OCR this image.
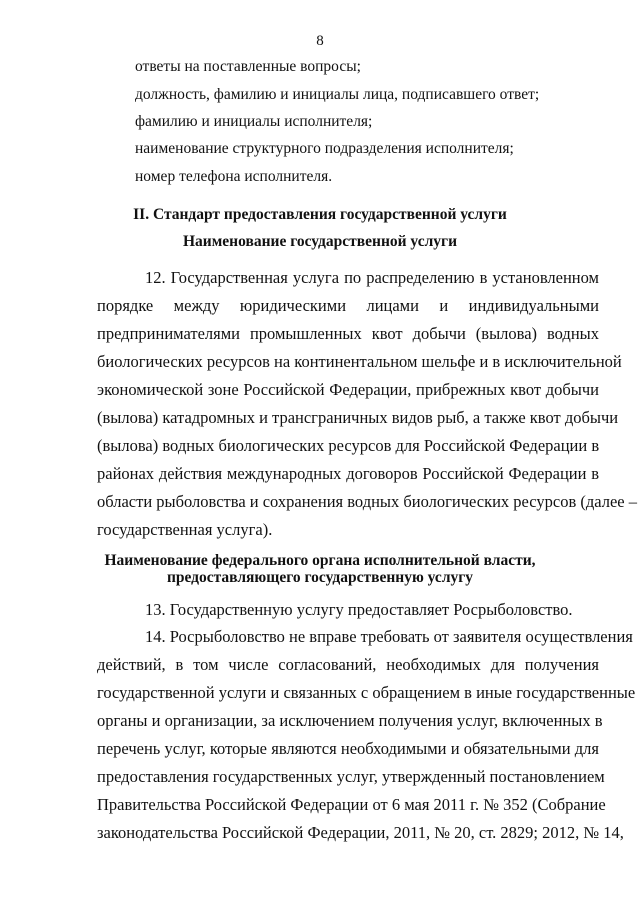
8
ответы на поставленные вопросы;
должность, фамилию и инициалы лица, подписавшего ответ;
фамилию и инициалы исполнителя;
наименование структурного подразделения исполнителя;
номер телефона исполнителя.
II. Стандарт предоставления государственной услуги
Наименование государственной услуги
12. Государственная услуга по распределению в установленном
порядке между юридическими лицами и индивидуальными
предпринимателями промышленных квот добычи (вылова) водных
биологических ресурсов на континентальном шельфе и в исключительной
экономической зоне Российской Федерации, прибрежных квот добычи
(вылова) катадромных и трансграничных видов рыб, а также квот добычи
(вылова) водных биологических ресурсов для Российской Федерации в
районах действия международных договоров Российской Федерации в
области рыболовства и сохранения водных биологических ресурсов (далее –
государственная услуга).
Наименование федерального органа исполнительной власти,
предоставляющего государственную услугу
13. Государственную услугу предоставляет Росрыболовство.
14. Росрыболовство не вправе требовать от заявителя осуществления
действий, в том числе согласований, необходимых для получения
государственной услуги и связанных с обращением в иные государственные
органы и организации, за исключением получения услуг, включенных в
перечень услуг, которые являются необходимыми и обязательными для
предоставления государственных услуг, утвержденный постановлением
Правительства Российской Федерации от 6 мая 2011 г. № 352 (Собрание
законодательства Российской Федерации, 2011, № 20, ст. 2829; 2012, № 14,
